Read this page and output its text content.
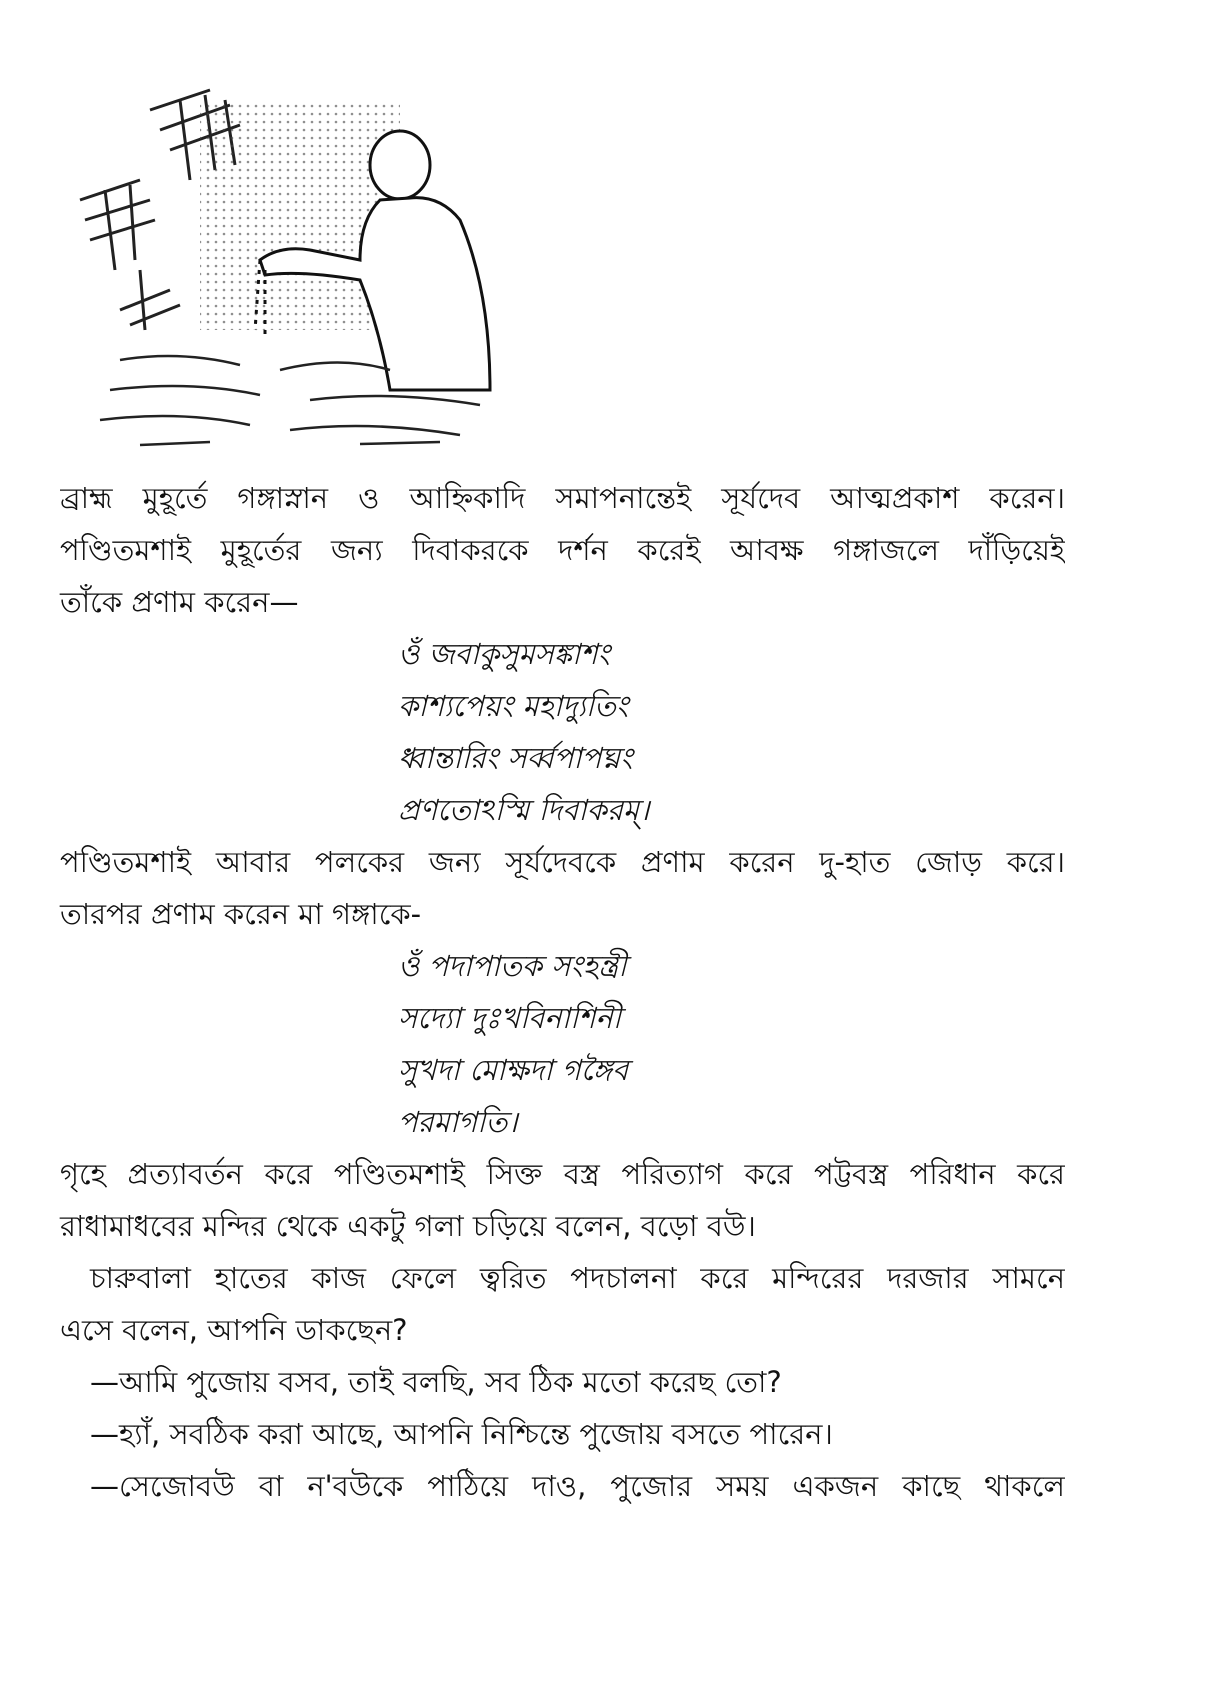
ব্রাহ্ম মুহূর্তে গঙ্গাস্নান ও আহ্নিকাদি সমাপনান্তেই সূর্যদেব আত্মপ্রকাশ করেন।
পণ্ডিতমশাই মুহূর্তের জন্য দিবাকরকে দর্শন করেই আবক্ষ গঙ্গাজলে দাঁড়িয়েই
তাঁকে প্রণাম করেন—
ওঁ জবাকুসুমসঙ্কাশং
কাশ্যপেয়ং মহাদ্যুতিং
ধ্বান্তারিং সর্ব্বপাপঘ্নং
প্রণতোঽস্মি দিবাকরম্।
পণ্ডিতমশাই আবার পলকের জন্য সূর্যদেবকে প্রণাম করেন দু-হাত জোড় করে।
তারপর প্রণাম করেন মা গঙ্গাকে-
ওঁ পদাপাতক সংহন্ত্রী
সদ্যো দুঃখবিনাশিনী
সুখদা মোক্ষদা গঙ্গৈব
পরমাগতি।
গৃহে প্রত্যাবর্তন করে পণ্ডিতমশাই সিক্ত বস্ত্র পরিত্যাগ করে পট্টবস্ত্র পরিধান করে
রাধামাধবের মন্দির থেকে একটু গলা চড়িয়ে বলেন, বড়ো বউ।
চারুবালা হাতের কাজ ফেলে ত্বরিত পদচালনা করে মন্দিরের দরজার সামনে
এসে বলেন, আপনি ডাকছেন?
—আমি পুজোয় বসব, তাই বলছি, সব ঠিক মতো করেছ তো?
—হ্যাঁ, সবঠিক করা আছে, আপনি নিশ্চিন্তে পুজোয় বসতে পারেন।
—সেজোবউ বা ন'বউকে পাঠিয়ে দাও, পুজোর সময় একজন কাছে থাকলে
